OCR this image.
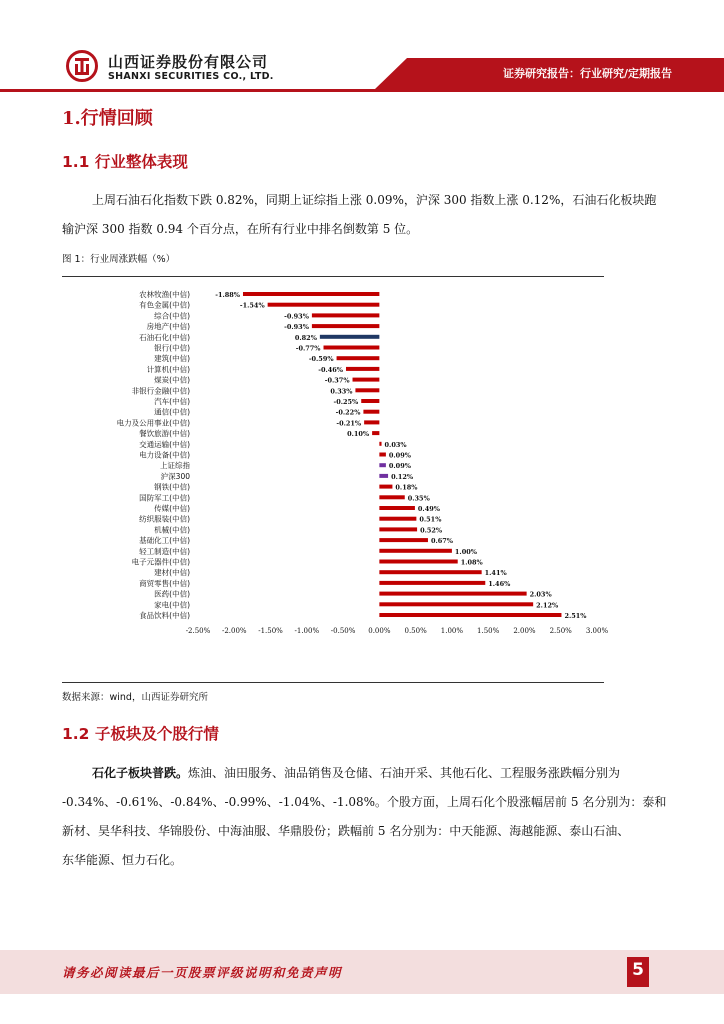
山西证券股份有限公司
SHANXI SECURITIES CO., LTD.	证券研究报告：行业研究/定期报告
1.行情回顾
1.1 行业整体表现
上周石油石化指数下跌 0.82%，同期上证综指上涨 0.09%，沪深 300 指数上涨 0.12%，石油石化板块跑
输沪深 300 指数 0.94 个百分点，在所有行业中排名倒数第 5 位。
图 1：行业周涨跌幅（%）
农林牧渔(中信)	-1.88%
有色金属(中信)	-1.54%
综合(中信)	-0.93%
房地产(中信)	-0.93%
石油石化(中信)	0.82%
银行(中信)	-0.77%
建筑(中信)	-0.59%
计算机(中信)	-0.46%
煤炭(中信)	-0.37%
非银行金融(中信)	0.33%
汽车(中信)	-0.25%
通信(中信)	-0.22%
电力及公用事业(中信)	-0.21%
餐饮旅游(中信)	0.10%
交通运输(中信)	0.03%
电力设备(中信)	0.09%
上证综指	0.09%
沪深300	0.12%
钢铁(中信)	0.18%
国防军工(中信)	0.35%
传媒(中信)	0.49%
纺织服装(中信)	0.51%
机械(中信)	0.52%
基础化工(中信)	0.67%
轻工制造(中信)	1.00%
电子元器件(中信)	1.08%
建材(中信)	1.41%
商贸零售(中信)	1.46%
医药(中信)	2.03%
家电(中信)	2.12%
食品饮料(中信)	2.51%
-2.50% -2.00% -1.50% -1.00% -0.50% 0.00% 0.50% 1.00% 1.50% 2.00% 2.50% 3.00%
数据来源：wind，山西证券研究所
1.2 子板块及个股行情
石化子板块普跌。炼油、油田服务、油品销售及仓储、石油开采、其他石化、工程服务涨跌幅分别为
-0.34%、-0.61%、-0.84%、-0.99%、-1.04%、-1.08%。个股方面，上周石化个股涨幅居前 5 名分别为：泰和
新材、昊华科技、华锦股份、中海油服、华鼎股份；跌幅前 5 名分别为：中天能源、海越能源、泰山石油、
东华能源、恒力石化。
请务必阅读最后一页股票评级说明和免责声明	5
